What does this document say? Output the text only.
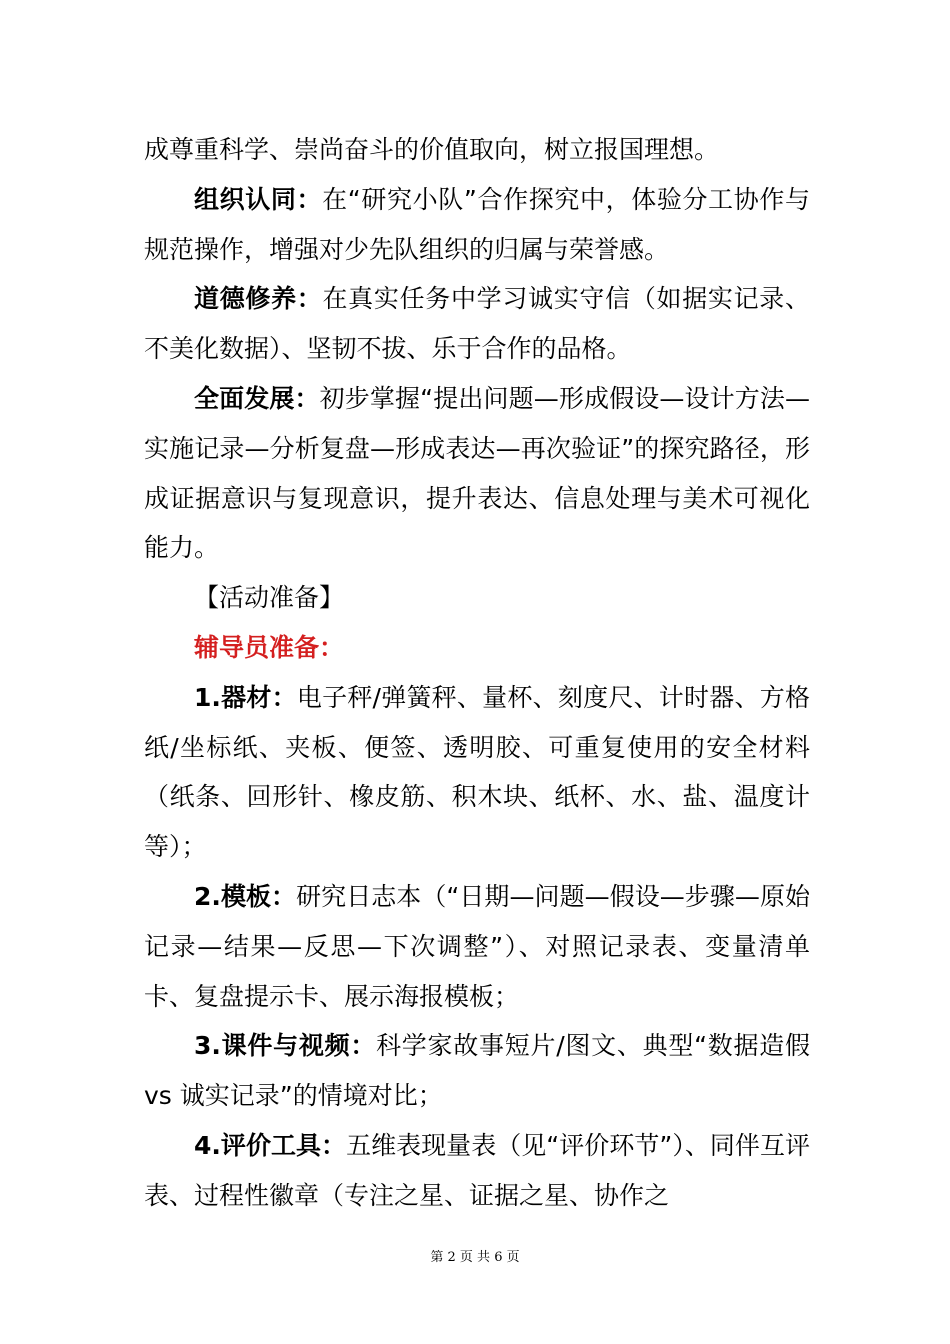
成尊重科学、崇尚奋斗的价值取向，树立报国理想。

组织认同：在“研究小队”合作探究中，体验分工协作与规范操作，增强对少先队组织的归属与荣誉感。

道德修养：在真实任务中学习诚实守信（如据实记录、不美化数据）、坚韧不拔、乐于合作的品格。

全面发展：初步掌握“提出问题—形成假设—设计方法—实施记录—分析复盘—形成表达—再次验证”的探究路径，形成证据意识与复现意识，提升表达、信息处理与美术可视化能力。

【活动准备】

辅导员准备：

1.器材：电子秤/弹簧秤、量杯、刻度尺、计时器、方格纸/坐标纸、夹板、便签、透明胶、可重复使用的安全材料（纸条、回形针、橡皮筋、积木块、纸杯、水、盐、温度计等）；

2.模板：研究日志本（“日期—问题—假设—步骤—原始记录—结果—反思—下次调整”）、对照记录表、变量清单卡、复盘提示卡、展示海报模板；

3.课件与视频：科学家故事短片/图文、典型“数据造假 vs 诚实记录”的情境对比；

4.评价工具：五维表现量表（见“评价环节”）、同伴互评表、过程性徽章（专注之星、证据之星、协作之

第 2 页 共 6 页
